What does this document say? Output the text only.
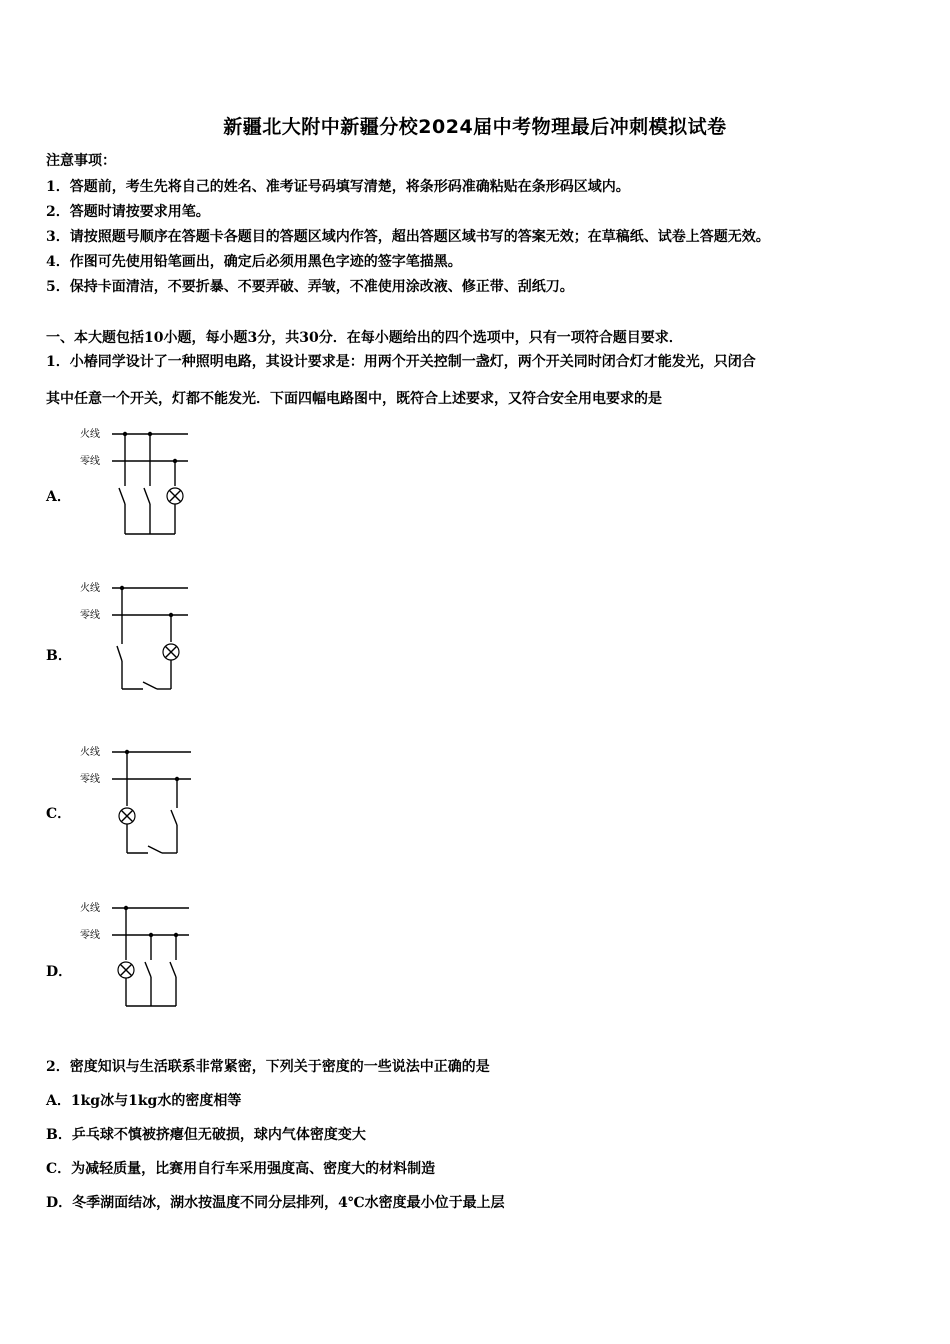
新疆北大附中新疆分校2024届中考物理最后冲刺模拟试卷
注意事项：
1．答题前，考生先将自己的姓名、准考证号码填写清楚，将条形码准确粘贴在条形码区域内。
2．答题时请按要求用笔。
3．请按照题号顺序在答题卡各题目的答题区域内作答，超出答题区域书写的答案无效；在草稿纸、试卷上答题无效。
4．作图可先使用铅笔画出，确定后必须用黑色字迹的签字笔描黑。
5．保持卡面清洁，不要折暴、不要弄破、弄皱，不准使用涂改液、修正带、刮纸刀。
一、本大题包括10小题，每小题3分，共30分．在每小题给出的四个选项中，只有一项符合题目要求．
1．小椿同学设计了一种照明电路，其设计要求是：用两个开关控制一盏灯，两个开关同时闭合灯才能发光，只闭合
其中任意一个开关，灯都不能发光．下面四幅电路图中，既符合上述要求，又符合安全用电要求的是
A．
火线
零线
B．
火线
零线
C．
火线
零线
D．
火线
零线
2．密度知识与生活联系非常紧密，下列关于密度的一些说法中正确的是
A．1kg冰与1kg水的密度相等
B．乒乓球不慎被挤瘪但无破损，球内气体密度变大
C．为减轻质量，比赛用自行车采用强度高、密度大的材料制造
D．冬季湖面结冰，湖水按温度不同分层排列，4℃水密度最小位于最上层
